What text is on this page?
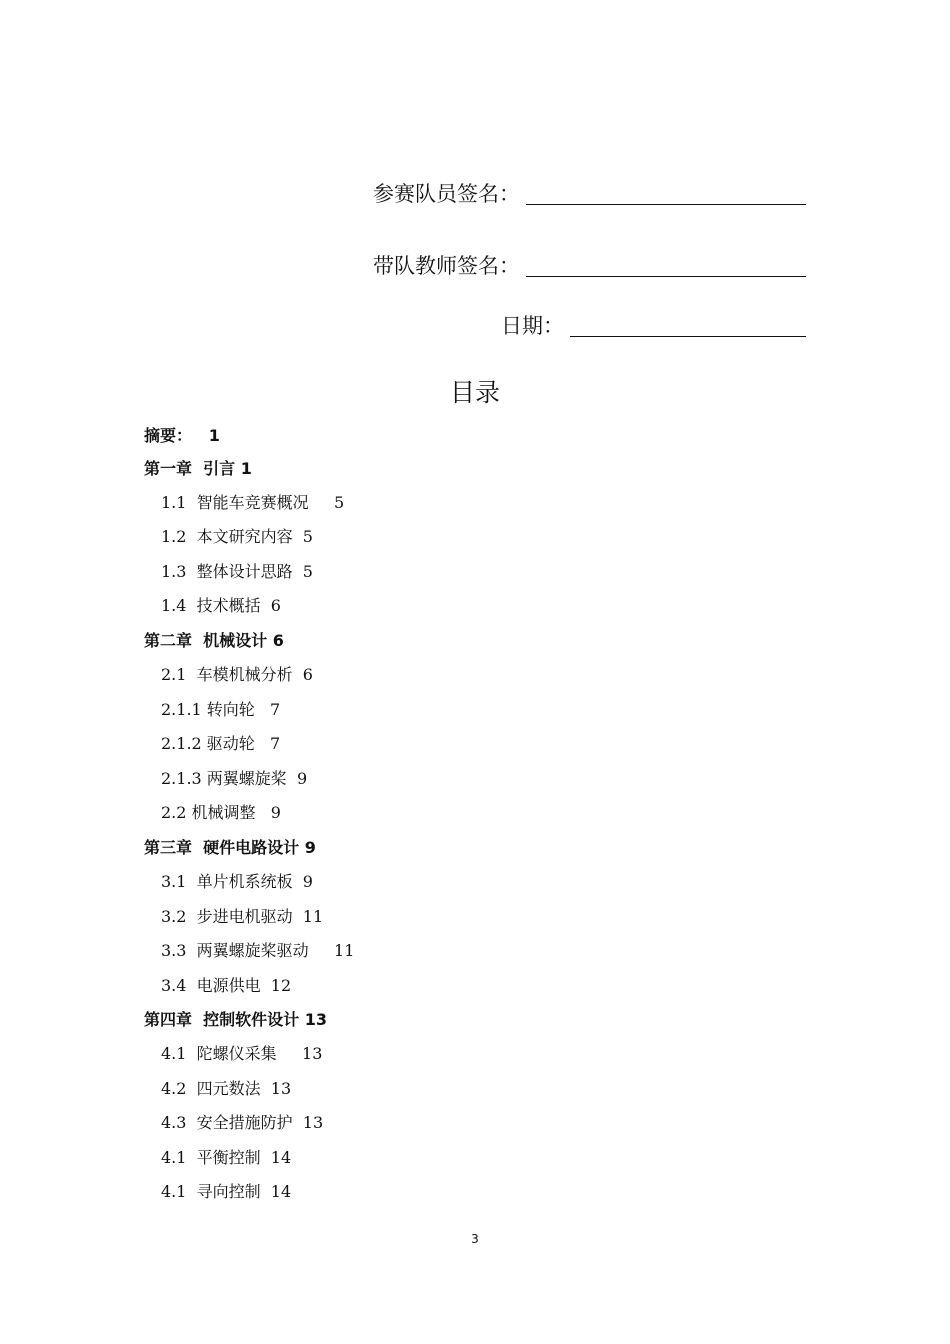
参赛队员签名：
带队教师签名：
日期：
目录
摘要：   1
第一章  引言 1
1.1  智能车竞赛概况     5
1.2  本文研究内容  5
1.3  整体设计思路  5
1.4  技术概括  6
第二章  机械设计 6
2.1  车模机械分析  6
2.1.1 转向轮   7
2.1.2 驱动轮   7
2.1.3 两翼螺旋桨  9
2.2 机械调整   9
第三章  硬件电路设计 9
3.1  单片机系统板  9
3.2  步进电机驱动  11
3.3  两翼螺旋桨驱动     11
3.4  电源供电  12
第四章  控制软件设计 13
4.1  陀螺仪采集     13
4.2  四元数法  13
4.3  安全措施防护  13
4.1  平衡控制  14
4.1  寻向控制  14
3
